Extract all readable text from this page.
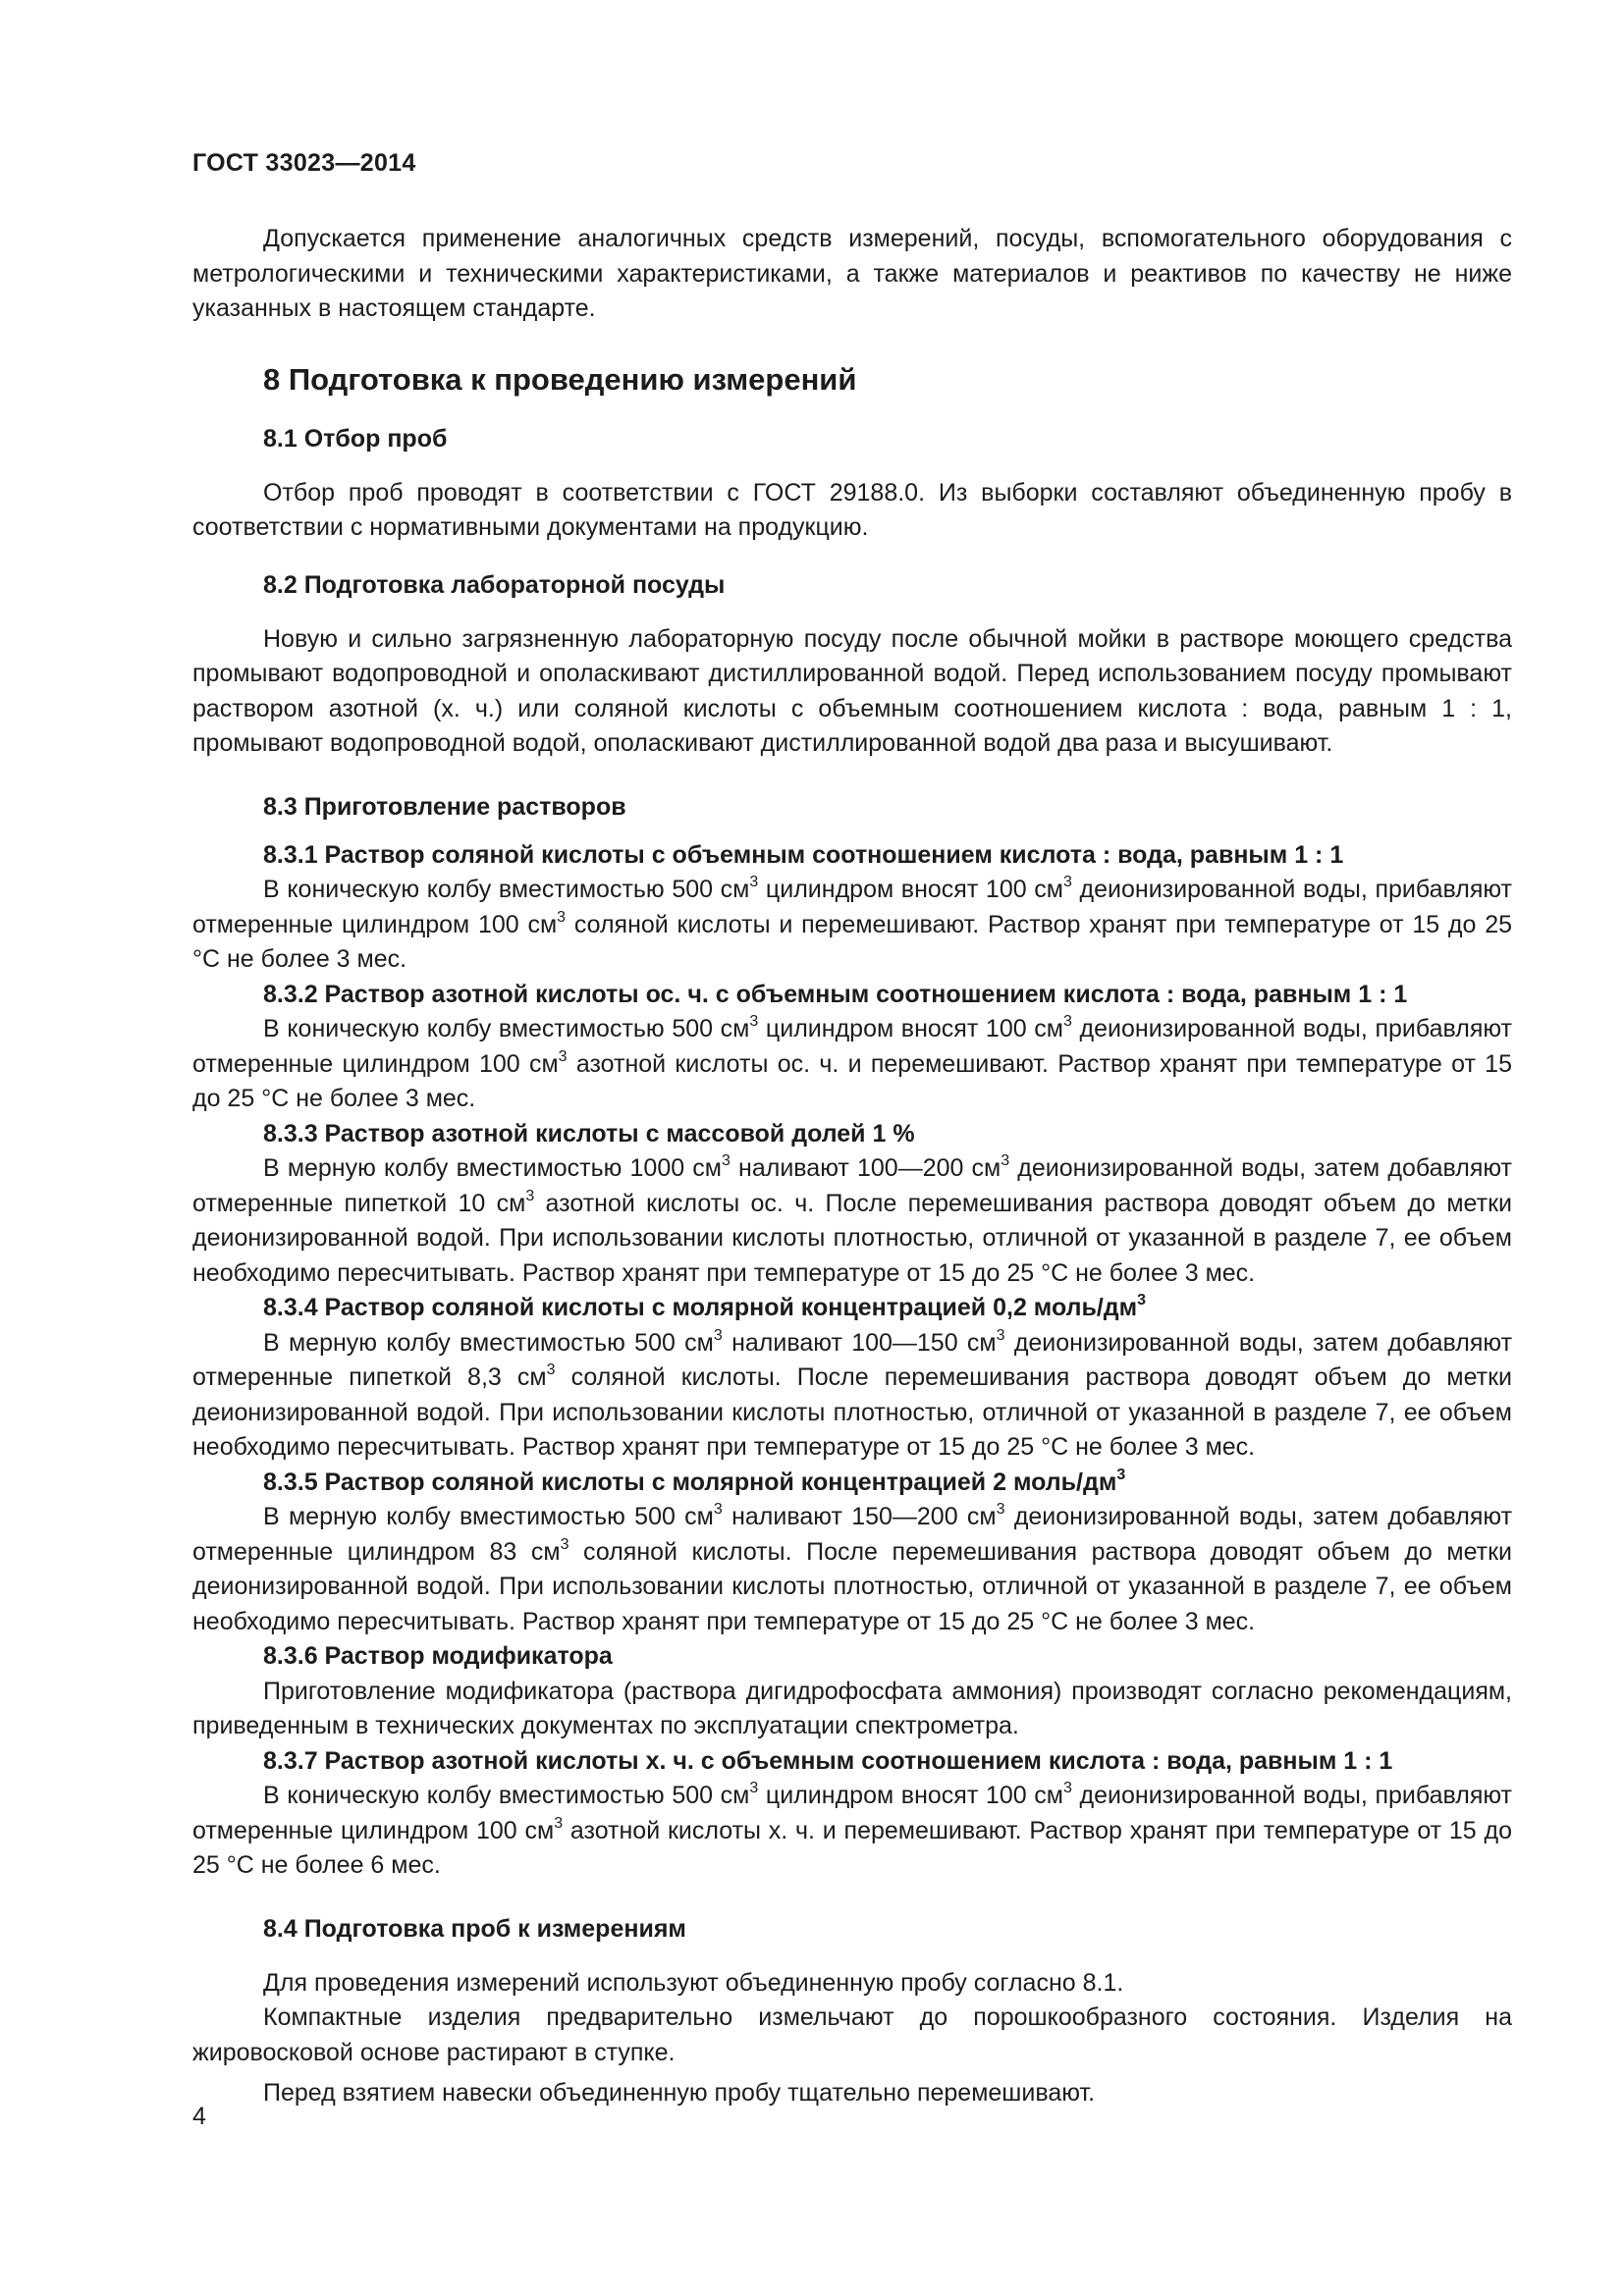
ГОСТ 33023—2014

Допускается применение аналогичных средств измерений, посуды, вспомогательного оборудования с метрологическими и техническими характеристиками, а также материалов и реактивов по качеству не ниже указанных в настоящем стандарте.

8 Подготовка к проведению измерений
8.1 Отбор проб

Отбор проб проводят в соответствии с ГОСТ 29188.0. Из выборки составляют объединенную пробу в соответствии с нормативными документами на продукцию.

8.2 Подготовка лабораторной посуды

Новую и сильно загрязненную лабораторную посуду после обычной мойки в растворе моющего средства промывают водопроводной и ополаскивают дистиллированной водой. Перед использованием посуду промывают раствором азотной (х. ч.) или соляной кислоты с объемным соотношением кислота : вода, равным 1 : 1, промывают водопроводной водой, ополаскивают дистиллированной водой два раза и высушивают.

8.3 Приготовление растворов
8.3.1 Раствор соляной кислоты с объемным соотношением кислота : вода, равным 1 : 1

В коническую колбу вместимостью 500 $см^3$ цилиндром вносят 100 $см^3$ деионизированной воды, прибавляют отмеренные цилиндром 100 $см^3$ соляной кислоты и перемешивают. Раствор хранят при температуре от 15 до 25 °С не более 3 мес.

8.3.2 Раствор азотной кислоты ос. ч. с объемным соотношением кислота : вода, равным 1 : 1

В коническую колбу вместимостью 500 $см^3$ цилиндром вносят 100 $см^3$ деионизированной воды, прибавляют отмеренные цилиндром 100 $см^3$ азотной кислоты ос. ч. и перемешивают. Раствор хранят при температуре от 15 до 25 °С не более 3 мес.

8.3.3 Раствор азотной кислоты с массовой долей 1 %

В мерную колбу вместимостью 1000 $см^3$ наливают 100—200 $см^3$ деионизированной воды, затем добавляют отмеренные пипеткой 10 $см^3$ азотной кислоты ос. ч. После перемешивания раствора доводят объем до метки деионизированной водой. При использовании кислоты плотностью, отличной от указанной в разделе 7, ее объем необходимо пересчитывать. Раствор хранят при температуре от 15 до 25 °С не более 3 мес.

8.3.4 Раствор соляной кислоты с молярной концентрацией 0,2 моль/$дм^3$

В мерную колбу вместимостью 500 $см^3$ наливают 100—150 $см^3$ деионизированной воды, затем добавляют отмеренные пипеткой 8,3 $см^3$ соляной кислоты. После перемешивания раствора доводят объем до метки деионизированной водой. При использовании кислоты плотностью, отличной от указанной в разделе 7, ее объем необходимо пересчитывать. Раствор хранят при температуре от 15 до 25 °С не более 3 мес.

8.3.5 Раствор соляной кислоты с молярной концентрацией 2 моль/$дм^3$

В мерную колбу вместимостью 500 $см^3$ наливают 150—200 $см^3$ деионизированной воды, затем добавляют отмеренные цилиндром 83 $см^3$ соляной кислоты. После перемешивания раствора доводят объем до метки деионизированной водой. При использовании кислоты плотностью, отличной от указанной в разделе 7, ее объем необходимо пересчитывать. Раствор хранят при температуре от 15 до 25 °С не более 3 мес.

8.3.6 Раствор модификатора

Приготовление модификатора (раствора дигидрофосфата аммония) производят согласно рекомендациям, приведенным в технических документах по эксплуатации спектрометра.

8.3.7 Раствор азотной кислоты х. ч. с объемным соотношением кислота : вода, равным 1 : 1

В коническую колбу вместимостью 500 $см^3$ цилиндром вносят 100 $см^3$ деионизированной воды, прибавляют отмеренные цилиндром 100 $см^3$ азотной кислоты х. ч. и перемешивают. Раствор хранят при температуре от 15 до 25 °С не более 6 мес.

8.4 Подготовка проб к измерениям

Для проведения измерений используют объединенную пробу согласно 8.1.

Компактные изделия предварительно измельчают до порошкообразного состояния. Изделия на жировосковой основе растирают в ступке.

Перед взятием навески объединенную пробу тщательно перемешивают.

4
